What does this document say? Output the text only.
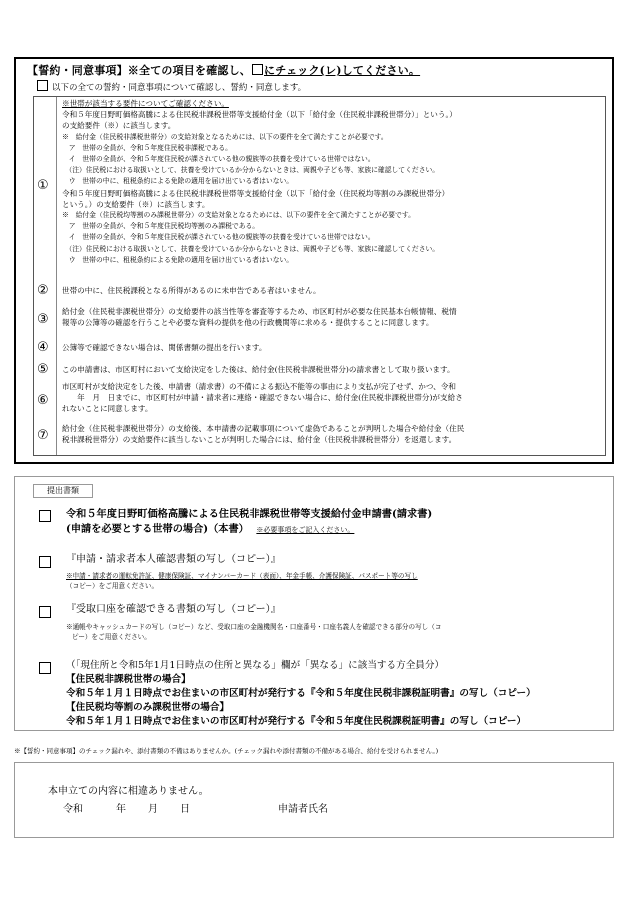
【誓約・同意事項】※全ての項目を確認し、 にチェック(レ)してください。
以下の全ての誓約・同意事項について確認し、誓約・同意します。
①
※世帯が該当する要件についてご確認ください。
令和５年度日野町価格高騰による住民税非課税世帯等支援給付金（以下「給付金（住民税非課税世帯分）」という。）
の支給要件（※）に該当します。
※　給付金（住民税非課税世帯分）の支給対象となるためには、以下の要件を全て満たすことが必要です。
　ア　世帯の全員が、令和５年度住民税非課税である。
　イ　世帯の全員が、令和５年度住民税が課されている他の親族等の扶養を受けている世帯ではない。
　（注）住民税における取扱いとして、扶養を受けているか分からないときは、両親や子ども等、家族に確認してください。
　ウ　世帯の中に、租税条約による免除の適用を届け出ている者はいない。
令和５年度日野町価格高騰による住民税非課税世帯等支援給付金（以下「給付金（住民税均等割のみ課税世帯分）
という。）の支給要件（※）に該当します。
※　給付金（住民税均等割のみ課税世帯分）の支給対象となるためには、以下の要件を全て満たすことが必要です。
　ア　世帯の全員が、令和５年度住民税均等割のみ課税である。
　イ　世帯の全員が、令和５年度住民税が課されている他の親族等の扶養を受けている世帯ではない。
　（注）住民税における取扱いとして、扶養を受けているか分からないときは、両親や子ども等、家族に確認してください。
　ウ　世帯の中に、租税条約による免除の適用を届け出ている者はいない。
② 世帯の中に、住民税課税となる所得があるのに未申告である者はいません。
③
給付金（住民税非課税世帯分）の支給要件の該当性等を審査等するため、市区町村が必要な住民基本台帳情報、税情
報等の公簿等の確認を行うことや必要な資料の提供を他の行政機関等に求める・提供することに同意します。
④ 公簿等で確認できない場合は、関係書類の提出を行います。
⑤ この申請書は、市区町村において支給決定をした後は、給付金(住民税非課税世帯分)の請求書として取り扱います。
⑥
市区町村が支給決定をした後、申請書（請求書）の不備による振込不能等の事由により支払が完了せず、かつ、令和
　　年　月　日までに、市区町村が申請・請求者に連絡・確認できない場合に、給付金(住民税非課税世帯分)が支給さ
れないことに同意します。
⑦ 給付金（住民税非課税世帯分）の支給後、本申請書の記載事項について虚偽であることが判明した場合や給付金（住民
税非課税世帯分）の支給要件に該当しないことが判明した場合には、給付金（住民税非課税世帯分）を返還します。
提出書類
令和５年度日野町価格高騰による住民税非課税世帯等支援給付金申請書(請求書)
(申請を必要とする世帯の場合)（本書） ※必要事項をご記入ください。
『申請・請求者本人確認書類の写し（コピー）』
※申請・請求者の運転免許証、健康保険証、マイナンバーカード（表面）、年金手帳、介護保険証、パスポート等の写し
（コピー）をご用意ください。
『受取口座を確認できる書類の写し（コピー）』
※通帳やキャッシュカードの写し（コピー）など、受取口座の金融機関名・口座番号・口座名義人を確認できる部分の写し（コ
ピー）をご用意ください。
（「現住所と令和5年1月1日時点の住所と異なる」欄が「異なる」に該当する方全員分）
【住民税非課税世帯の場合】
令和５年１月１日時点でお住まいの市区町村が発行する『令和５年度住民税非課税証明書』の写し（コピー）
【住民税均等割のみ課税世帯の場合】
令和５年１月１日時点でお住まいの市区町村が発行する『令和５年度住民税課税証明書』の写し（コピー）
※【誓約・同意事項】のチェック漏れや、添付書類の不備はありませんか。(チェック漏れや添付書類の不備がある場合、給付を受けられません。)
本申立ての内容に相違ありません。
令和	年 月 日	申請者氏名
